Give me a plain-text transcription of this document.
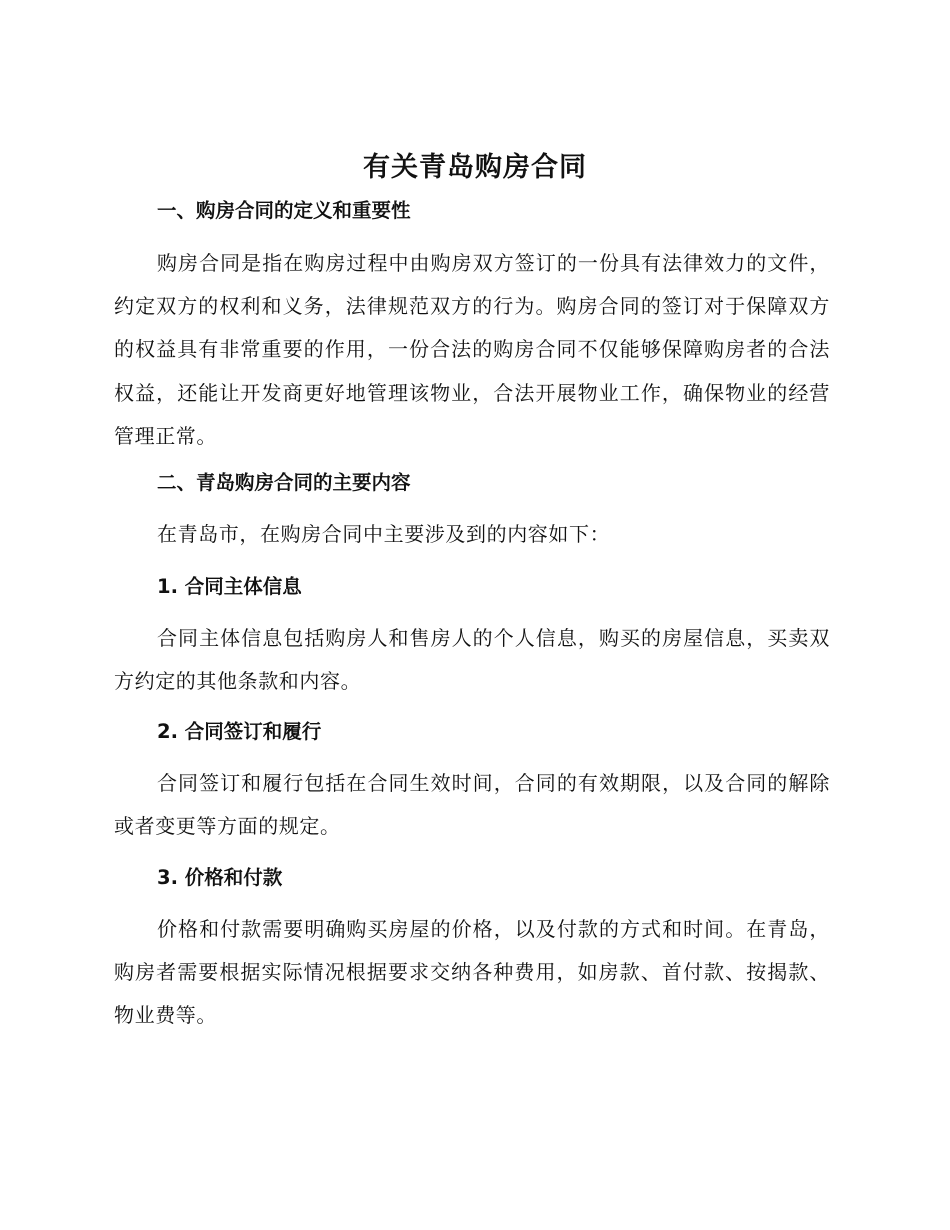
有关青岛购房合同
一、购房合同的定义和重要性

购房合同是指在购房过程中由购房双方签订的一份具有法律效力的文件，约定双方的权利和义务，法律规范双方的行为。购房合同的签订对于保障双方的权益具有非常重要的作用，一份合法的购房合同不仅能够保障购房者的合法权益，还能让开发商更好地管理该物业，合法开展物业工作，确保物业的经营管理正常。

二、青岛购房合同的主要内容

在青岛市，在购房合同中主要涉及到的内容如下：

1. 合同主体信息

合同主体信息包括购房人和售房人的个人信息，购买的房屋信息，买卖双方约定的其他条款和内容。

2. 合同签订和履行

合同签订和履行包括在合同生效时间，合同的有效期限，以及合同的解除或者变更等方面的规定。

3. 价格和付款

价格和付款需要明确购买房屋的价格，以及付款的方式和时间。在青岛，购房者需要根据实际情况根据要求交纳各种费用，如房款、首付款、按揭款、物业费等。
